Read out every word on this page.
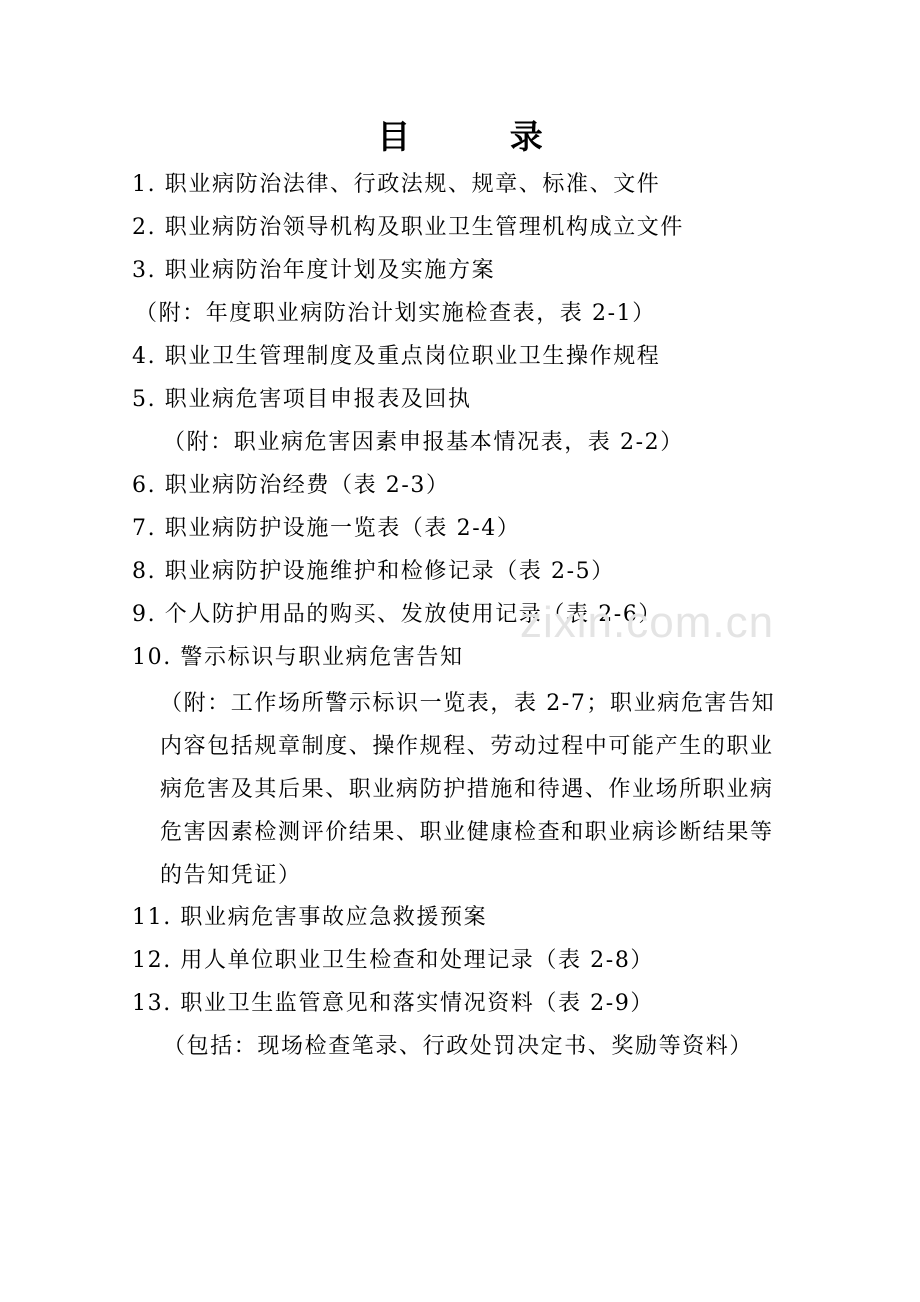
目 录
1. 职业病防治法律、行政法规、规章、标准、文件
2. 职业病防治领导机构及职业卫生管理机构成立文件
3. 职业病防治年度计划及实施方案
（附：年度职业病防治计划实施检查表，表 2-1）
4. 职业卫生管理制度及重点岗位职业卫生操作规程
5. 职业病危害项目申报表及回执
（附：职业病危害因素申报基本情况表，表 2-2）
6. 职业病防治经费（表 2-3）
7. 职业病防护设施一览表（表 2-4）
8. 职业病防护设施维护和检修记录（表 2-5）
9. 个人防护用品的购买、发放使用记录（表 2-6）
zixin.com.cn
10. 警示标识与职业病危害告知
（附：工作场所警示标识一览表，表 2-7；职业病危害告知内容包括规章制度、操作规程、劳动过程中可能产生的职业病危害及其后果、职业病防护措施和待遇、作业场所职业病危害因素检测评价结果、职业健康检查和职业病诊断结果等的告知凭证）
11. 职业病危害事故应急救援预案
12. 用人单位职业卫生检查和处理记录（表 2-8）
13. 职业卫生监管意见和落实情况资料（表 2-9）
（包括：现场检查笔录、行政处罚决定书、奖励等资料）
